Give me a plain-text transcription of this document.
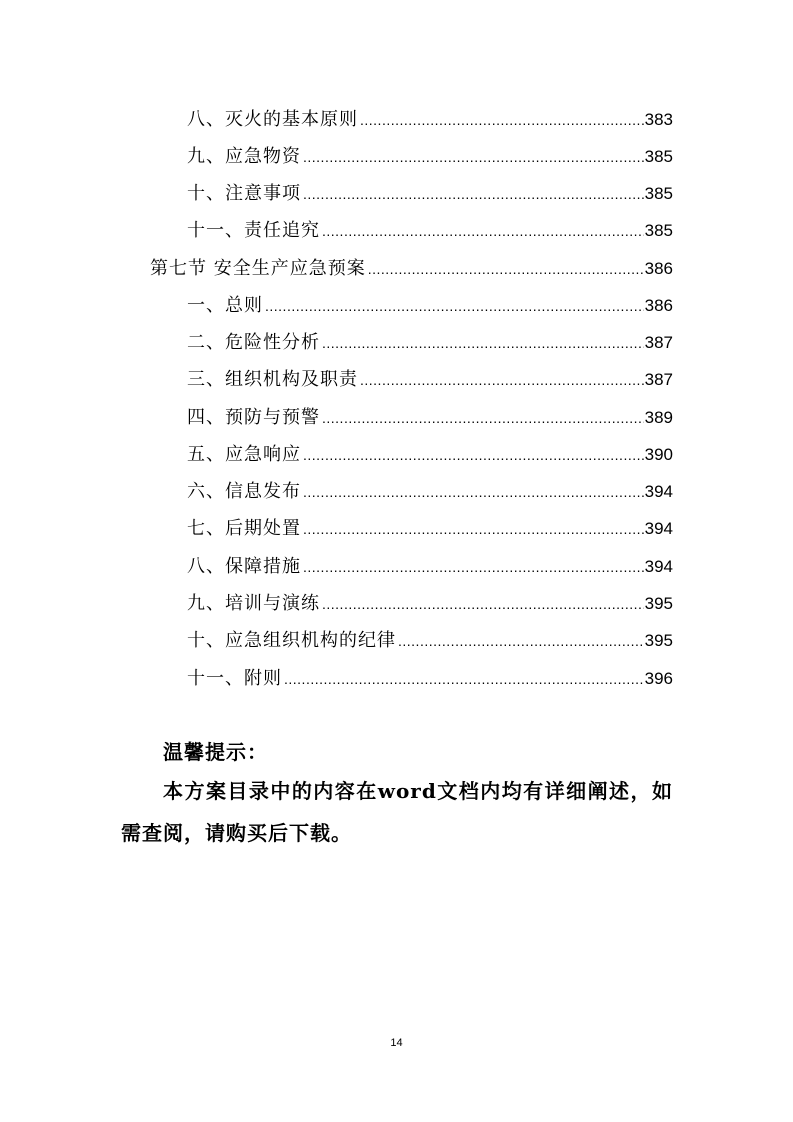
八、灭火的基本原则 .....	383
九、应急物资 .....	385
十、注意事项 .....	385
十一、责任追究 .....	385
第七节 安全生产应急预案 .....	386
一、总则 .....	386
二、危险性分析 .....	387
三、组织机构及职责 .....	387
四、预防与预警 .....	389
五、应急响应 .....	390
六、信息发布 .....	394
七、后期处置 .....	394
八、保障措施 .....	394
九、培训与演练 .....	395
十、应急组织机构的纪律 .....	395
十一、附则 .....	396
温馨提示：
本方案目录中的内容在word文档内均有详细阐述，如需查阅，请购买后下载。
14
